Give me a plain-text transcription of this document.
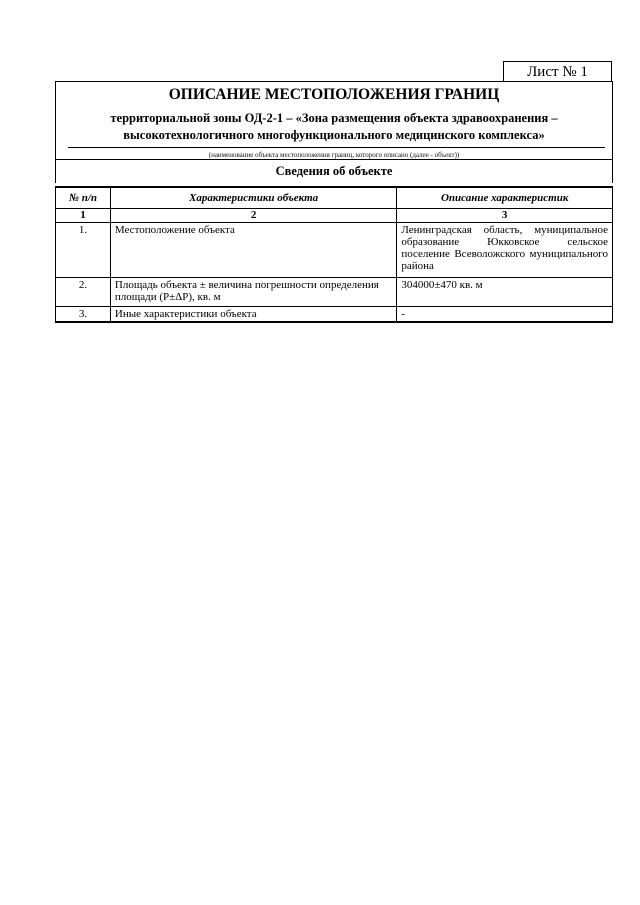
Лист № 1
ОПИСАНИЕ МЕСТОПОЛОЖЕНИЯ ГРАНИЦ
территориальной зоны ОД-2-1 – «Зона размещения объекта здравоохранения –
высокотехнологичного многофункционального медицинского комплекса»
(наименование объекта местоположения границ, которого описано (далее - объект))
Сведения об объекте
№ п/п	Характеристики объекта	Описание характеристик
1	2	3
1.	Местоположение объекта	Ленинградская область, муниципальное образование Юкковское сельское поселение Всеволожского муниципального района
2.	Площадь объекта ± величина погрешности определения площади (Р±ΔР), кв. м	304000±470 кв. м
3.	Иные характеристики объекта	-
